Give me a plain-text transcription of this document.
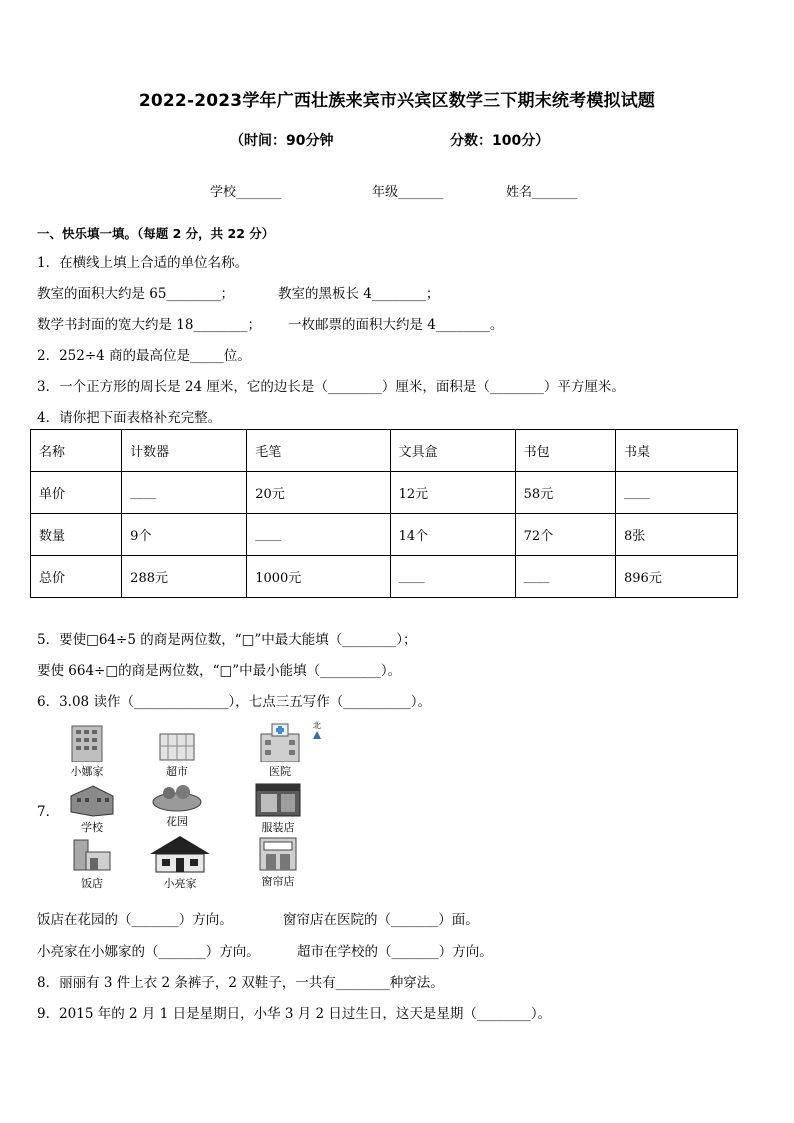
2022-2023学年广西壮族来宾市兴宾区数学三下期末统考模拟试题
（时间：90分钟	分数：100分）
学校_______	年级_______	姓名_______
一、快乐填一填。（每题 2 分，共 22 分）
1．在横线上填上合适的单位名称。
教室的面积大约是 65________；	教室的黑板长 4________；
数学书封面的宽大约是 18________； 一枚邮票的面积大约是 4________。
2．252÷4 商的最高位是_____位。
3．一个正方形的周长是 24 厘米，它的边长是（________）厘米，面积是（________）平方厘米。
4．请你把下面表格补充完整。
名称	计数器	毛笔	文具盒	书包	书桌
单价	____	20元	12元	58元	____
数量	9个	____	14个	72个	8张
总价	288元	1000元	____	____	896元
5．要使□64÷5 的商是两位数，“□”中最大能填（________）；
要使 664÷□的商是两位数，“□”中最小能填（_________）。
6．3.08 读作（______________），七点三五写作（__________）。
7．
北
小娜家	超市	医院
学校	花园	服装店
饭店	小亮家	窗帘店
饭店在花园的（_______）方向。	窗帘店在医院的（_______）面。
小亮家在小娜家的（_______）方向。	超市在学校的（_______）方向。
8．丽丽有 3 件上衣 2 条裤子，2 双鞋子，一共有________种穿法。
9．2015 年的 2 月 1 日是星期日，小华 3 月 2 日过生日，这天是星期（________）。
